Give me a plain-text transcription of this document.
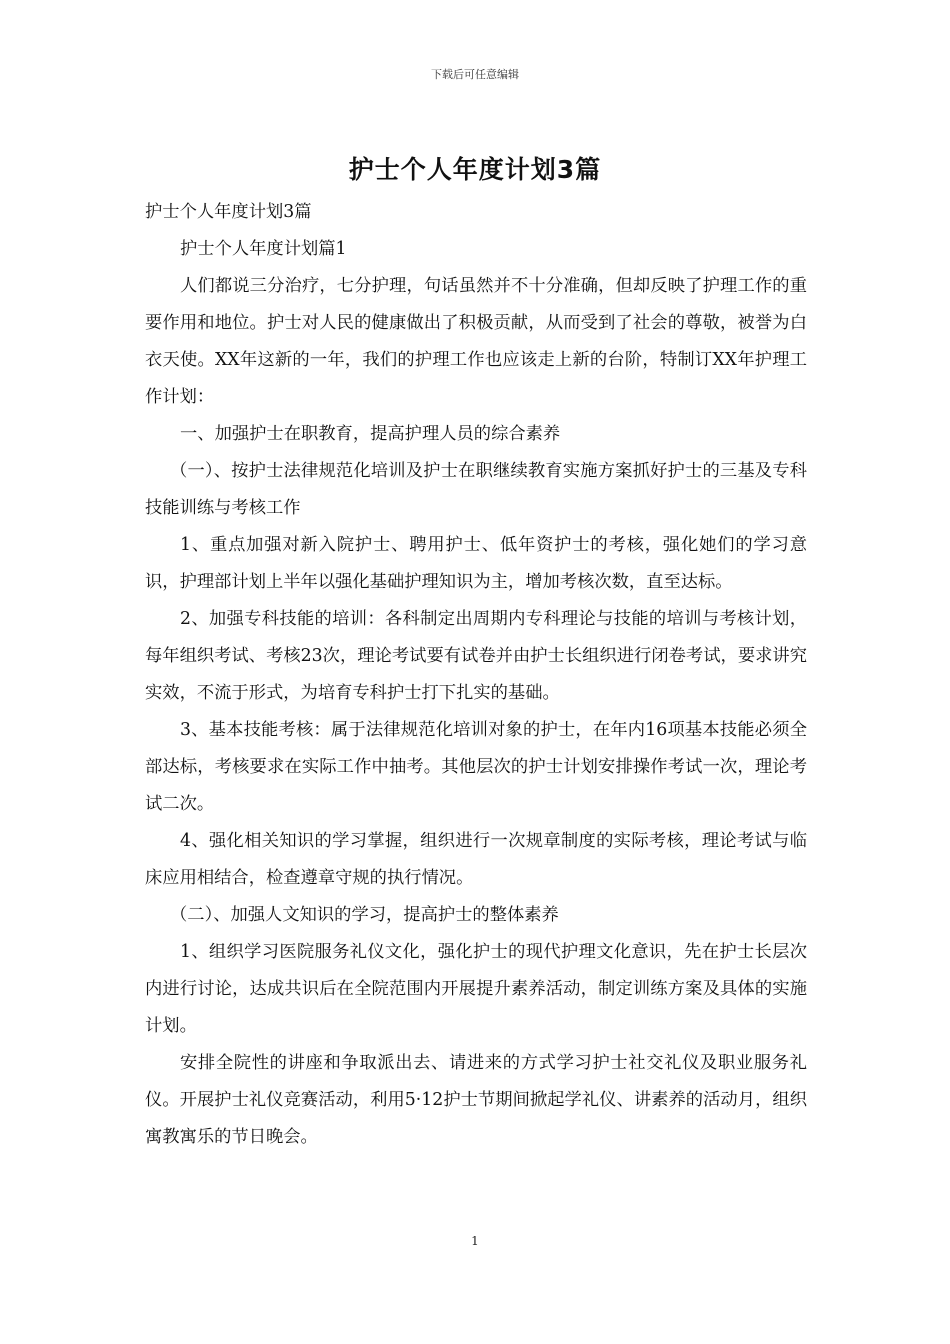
下载后可任意编辑
护士个人年度计划3篇

护士个人年度计划3篇

护士个人年度计划篇1

人们都说三分治疗，七分护理，句话虽然并不十分准确，但却反映了护理工作的重要作用和地位。护士对人民的健康做出了积极贡献，从而受到了社会的尊敬，被誉为白衣天使。XX年这新的一年，我们的护理工作也应该走上新的台阶，特制订XX年护理工作计划：

一、加强护士在职教育，提高护理人员的综合素养

（一）、按护士法律规范化培训及护士在职继续教育实施方案抓好护士的三基及专科技能训练与考核工作

1、重点加强对新入院护士、聘用护士、低年资护士的考核，强化她们的学习意识，护理部计划上半年以强化基础护理知识为主，增加考核次数，直至达标。

2、加强专科技能的培训：各科制定出周期内专科理论与技能的培训与考核计划，每年组织考试、考核23次，理论考试要有试卷并由护士长组织进行闭卷考试，要求讲究实效，不流于形式，为培育专科护士打下扎实的基础。

3、基本技能考核：属于法律规范化培训对象的护士，在年内16项基本技能必须全部达标，考核要求在实际工作中抽考。其他层次的护士计划安排操作考试一次，理论考试二次。

4、强化相关知识的学习掌握，组织进行一次规章制度的实际考核，理论考试与临床应用相结合，检查遵章守规的执行情况。

（二）、加强人文知识的学习，提高护士的整体素养

1、组织学习医院服务礼仪文化，强化护士的现代护理文化意识，先在护士长层次内进行讨论，达成共识后在全院范围内开展提升素养活动，制定训练方案及具体的实施计划。

安排全院性的讲座和争取派出去、请进来的方式学习护士社交礼仪及职业服务礼仪。开展护士礼仪竞赛活动，利用5·12护士节期间掀起学礼仪、讲素养的活动月，组织寓教寓乐的节日晚会。

1
